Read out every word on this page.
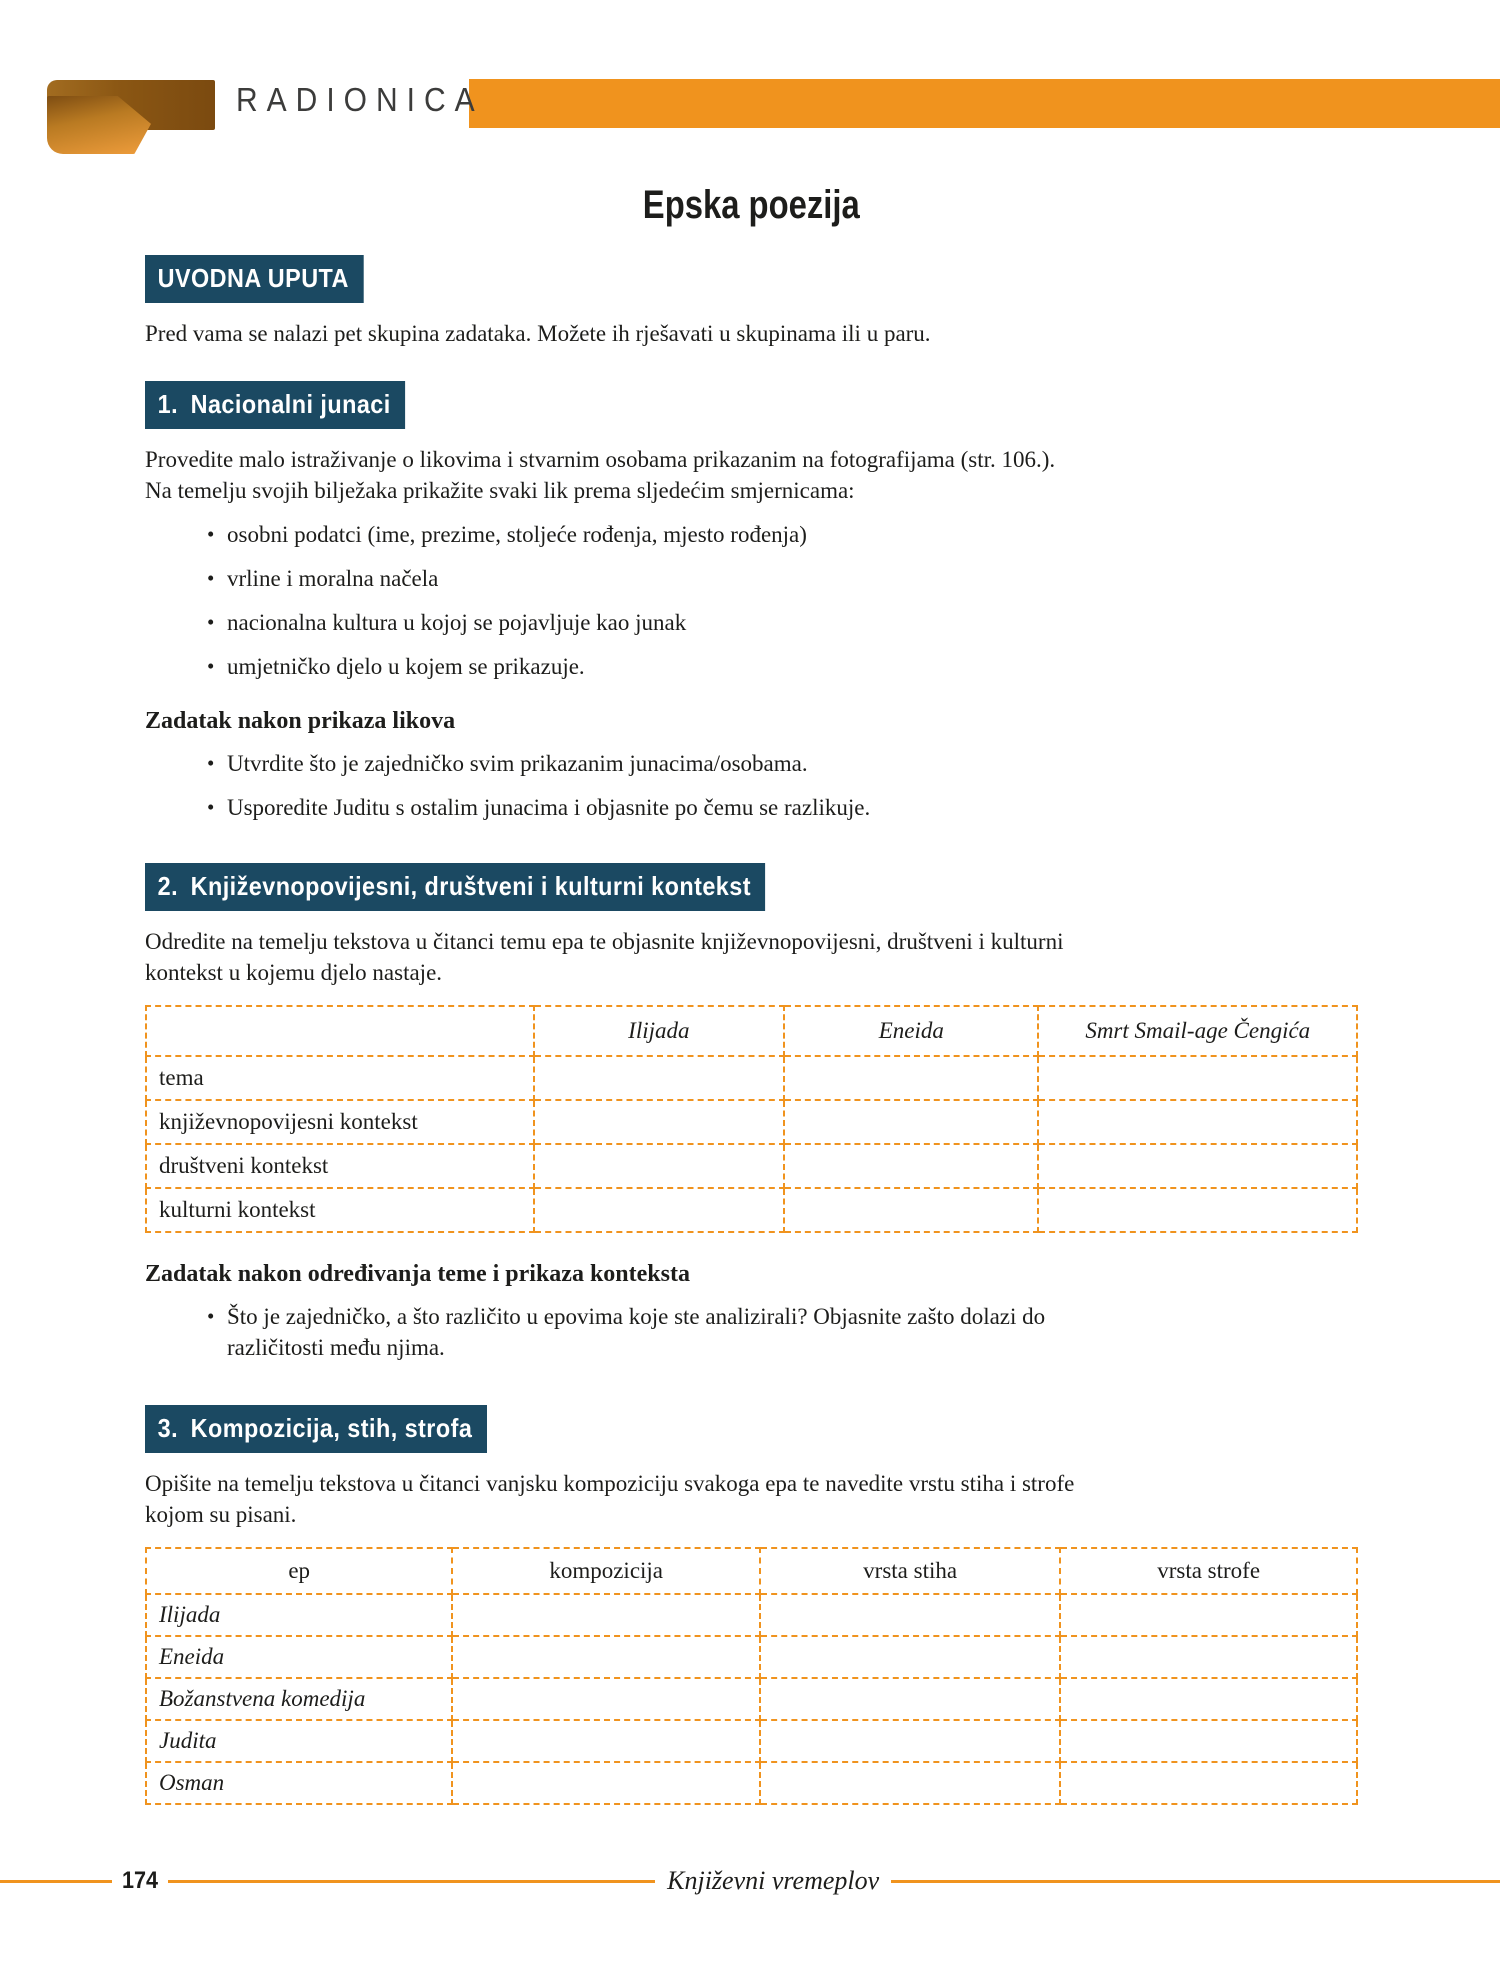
RADIONICA
Epska poezija
UVODNA UPUTA

Pred vama se nalazi pet skupina zadataka. Možete ih rješavati u skupinama ili u paru.

1. Nacionalni junaci

Provedite malo istraživanje o likovima i stvarnim osobama prikazanim na fotografijama (str. 106.).
Na temelju svojih bilježaka prikažite svaki lik prema sljedećim smjernicama:

• osobni podatci (ime, prezime, stoljeće rođenja, mjesto rođenja)
• vrline i moralna načela
• nacionalna kultura u kojoj se pojavljuje kao junak
• umjetničko djelo u kojem se prikazuje.

Zadatak nakon prikaza likova

• Utvrdite što je zajedničko svim prikazanim junacima/osobama.
• Usporedite Juditu s ostalim junacima i objasnite po čemu se razlikuje.
2. Književnopovijesni, društveni i kulturni kontekst

Odredite na temelju tekstova u čitanci temu epa te objasnite književnopovijesni, društveni i kulturni
kontekst u kojemu djelo nastaje.

	Ilijada	Eneida	Smrt Smail-age Čengića
tema			
književnopovijesni kontekst			
društveni kontekst			
kulturni kontekst			

Zadatak nakon određivanja teme i prikaza konteksta

• Što je zajedničko, a što različito u epovima koje ste analizirali? Objasnite zašto dolazi do
različitosti među njima.
3. Kompozicija, stih, strofa

Opišite na temelju tekstova u čitanci vanjsku kompoziciju svakoga epa te navedite vrstu stiha i strofe
kojom su pisani.

ep	kompozicija	vrsta stiha	vrsta strofe
Ilijada			
Eneida			
Božanstvena komedija			
Judita			
Osman			
174	Književni vremeplov
